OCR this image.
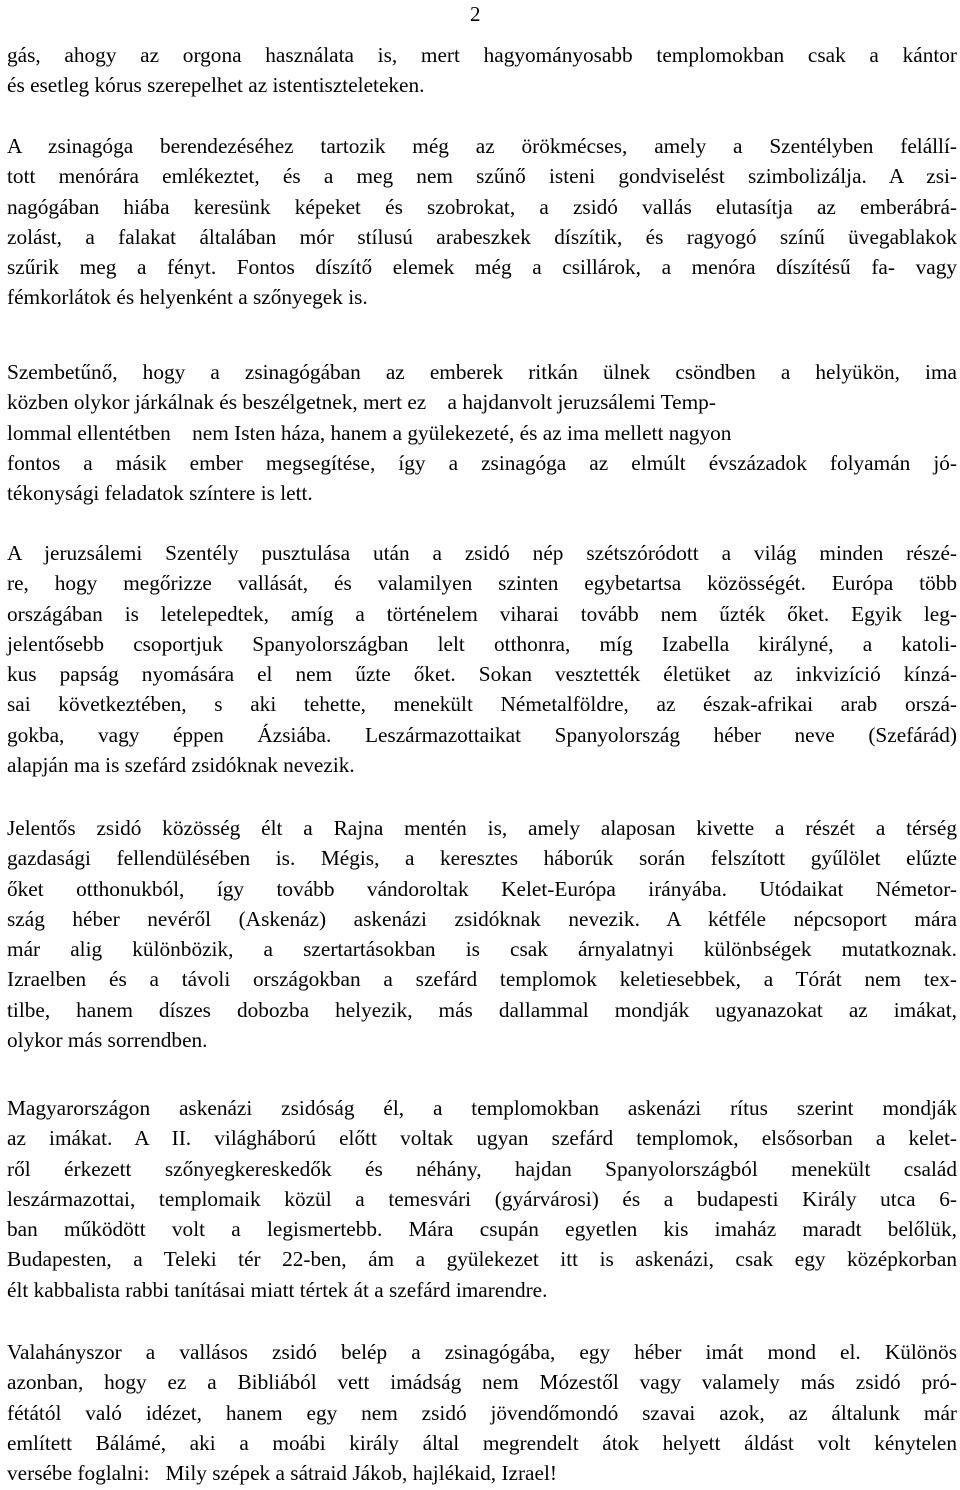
2
gás, ahogy az orgona használata is, mert hagyományosabb templomokban csak a kántor
és esetleg kórus szerepelhet az istentiszteleteken.
A zsinagóga berendezéséhez tartozik még az örökmécses, amely a Szentélyben felállí-
tott menórára emlékeztet, és a meg nem szűnő isteni gondviselést szimbolizálja. A zsi-
nagógában hiába keresünk képeket és szobrokat, a zsidó vallás elutasítja az emberábrá-
zolást, a falakat általában mór stílusú arabeszkek díszítik, és ragyogó színű üvegablakok
szűrik meg a fényt. Fontos díszítő elemek még a csillárok, a menóra díszítésű fa- vagy
fémkorlátok és helyenként a szőnyegek is.
Szembetűnő, hogy a zsinagógában az emberek ritkán ülnek csöndben a helyükön, ima
közben olykor járkálnak és beszélgetnek, mert ez    a hajdanvolt jeruzsálemi Temp-
lommal ellentétben    nem Isten háza, hanem a gyülekezeté, és az ima mellett nagyon
fontos a másik ember megsegítése, így a zsinagóga az elmúlt évszázadok folyamán jó-
tékonysági feladatok színtere is lett.
A jeruzsálemi Szentély pusztulása után a zsidó nép szétszóródott a világ minden részé-
re, hogy megőrizze vallását, és valamilyen szinten egybetartsa közösségét. Európa több
országában is letelepedtek, amíg a történelem viharai tovább nem űzték őket. Egyik leg-
jelentősebb csoportjuk Spanyolországban lelt otthonra, míg Izabella királyné, a katoli-
kus papság nyomására el nem űzte őket. Sokan vesztették életüket az inkvizíció kínzá-
sai következtében, s aki tehette, menekült Németalföldre, az észak-afrikai arab orszá-
gokba, vagy éppen Ázsiába. Leszármazottaikat Spanyolország héber neve (Szefárád)
alapján ma is szefárd zsidóknak nevezik.
Jelentős zsidó közösség élt a Rajna mentén is, amely alaposan kivette a részét a térség
gazdasági fellendülésében is. Mégis, a keresztes háborúk során felszított gyűlölet elűzte
őket otthonukból, így tovább vándoroltak Kelet-Európa irányába. Utódaikat Németor-
szág héber nevéről (Askenáz) askenázi zsidóknak nevezik. A kétféle népcsoport mára
már alig különbözik, a szertartásokban is csak árnyalatnyi különbségek mutatkoznak.
Izraelben és a távoli országokban a szefárd templomok keletiesebbek, a Tórát nem tex-
tilbe, hanem díszes dobozba helyezik, más dallammal mondják ugyanazokat az imákat,
olykor más sorrendben.
Magyarországon askenázi zsidóság él, a templomokban askenázi rítus szerint mondják
az imákat. A II. világháború előtt voltak ugyan szefárd templomok, elsősorban a kelet-
ről érkezett szőnyegkereskedők és néhány, hajdan Spanyolországból menekült család
leszármazottai, templomaik közül a temesvári (gyárvárosi) és a budapesti Király utca 6-
ban működött volt a legismertebb. Mára csupán egyetlen kis imaház maradt belőlük,
Budapesten, a Teleki tér 22-ben, ám a gyülekezet itt is askenázi, csak egy középkorban
élt kabbalista rabbi tanításai miatt tértek át a szefárd imarendre.
Valahányszor a vallásos zsidó belép a zsinagógába, egy héber imát mond el. Különös
azonban, hogy ez a Bibliából vett imádság nem Mózestől vagy valamely más zsidó pró-
fétától való idézet, hanem egy nem zsidó jövendőmondó szavai azok, az általunk már
említett Bálámé, aki a moábi király által megrendelt átok helyett áldást volt kénytelen
versébe foglalni:   Mily szépek a sátraid Jákob, hajlékaid, Izrael!
